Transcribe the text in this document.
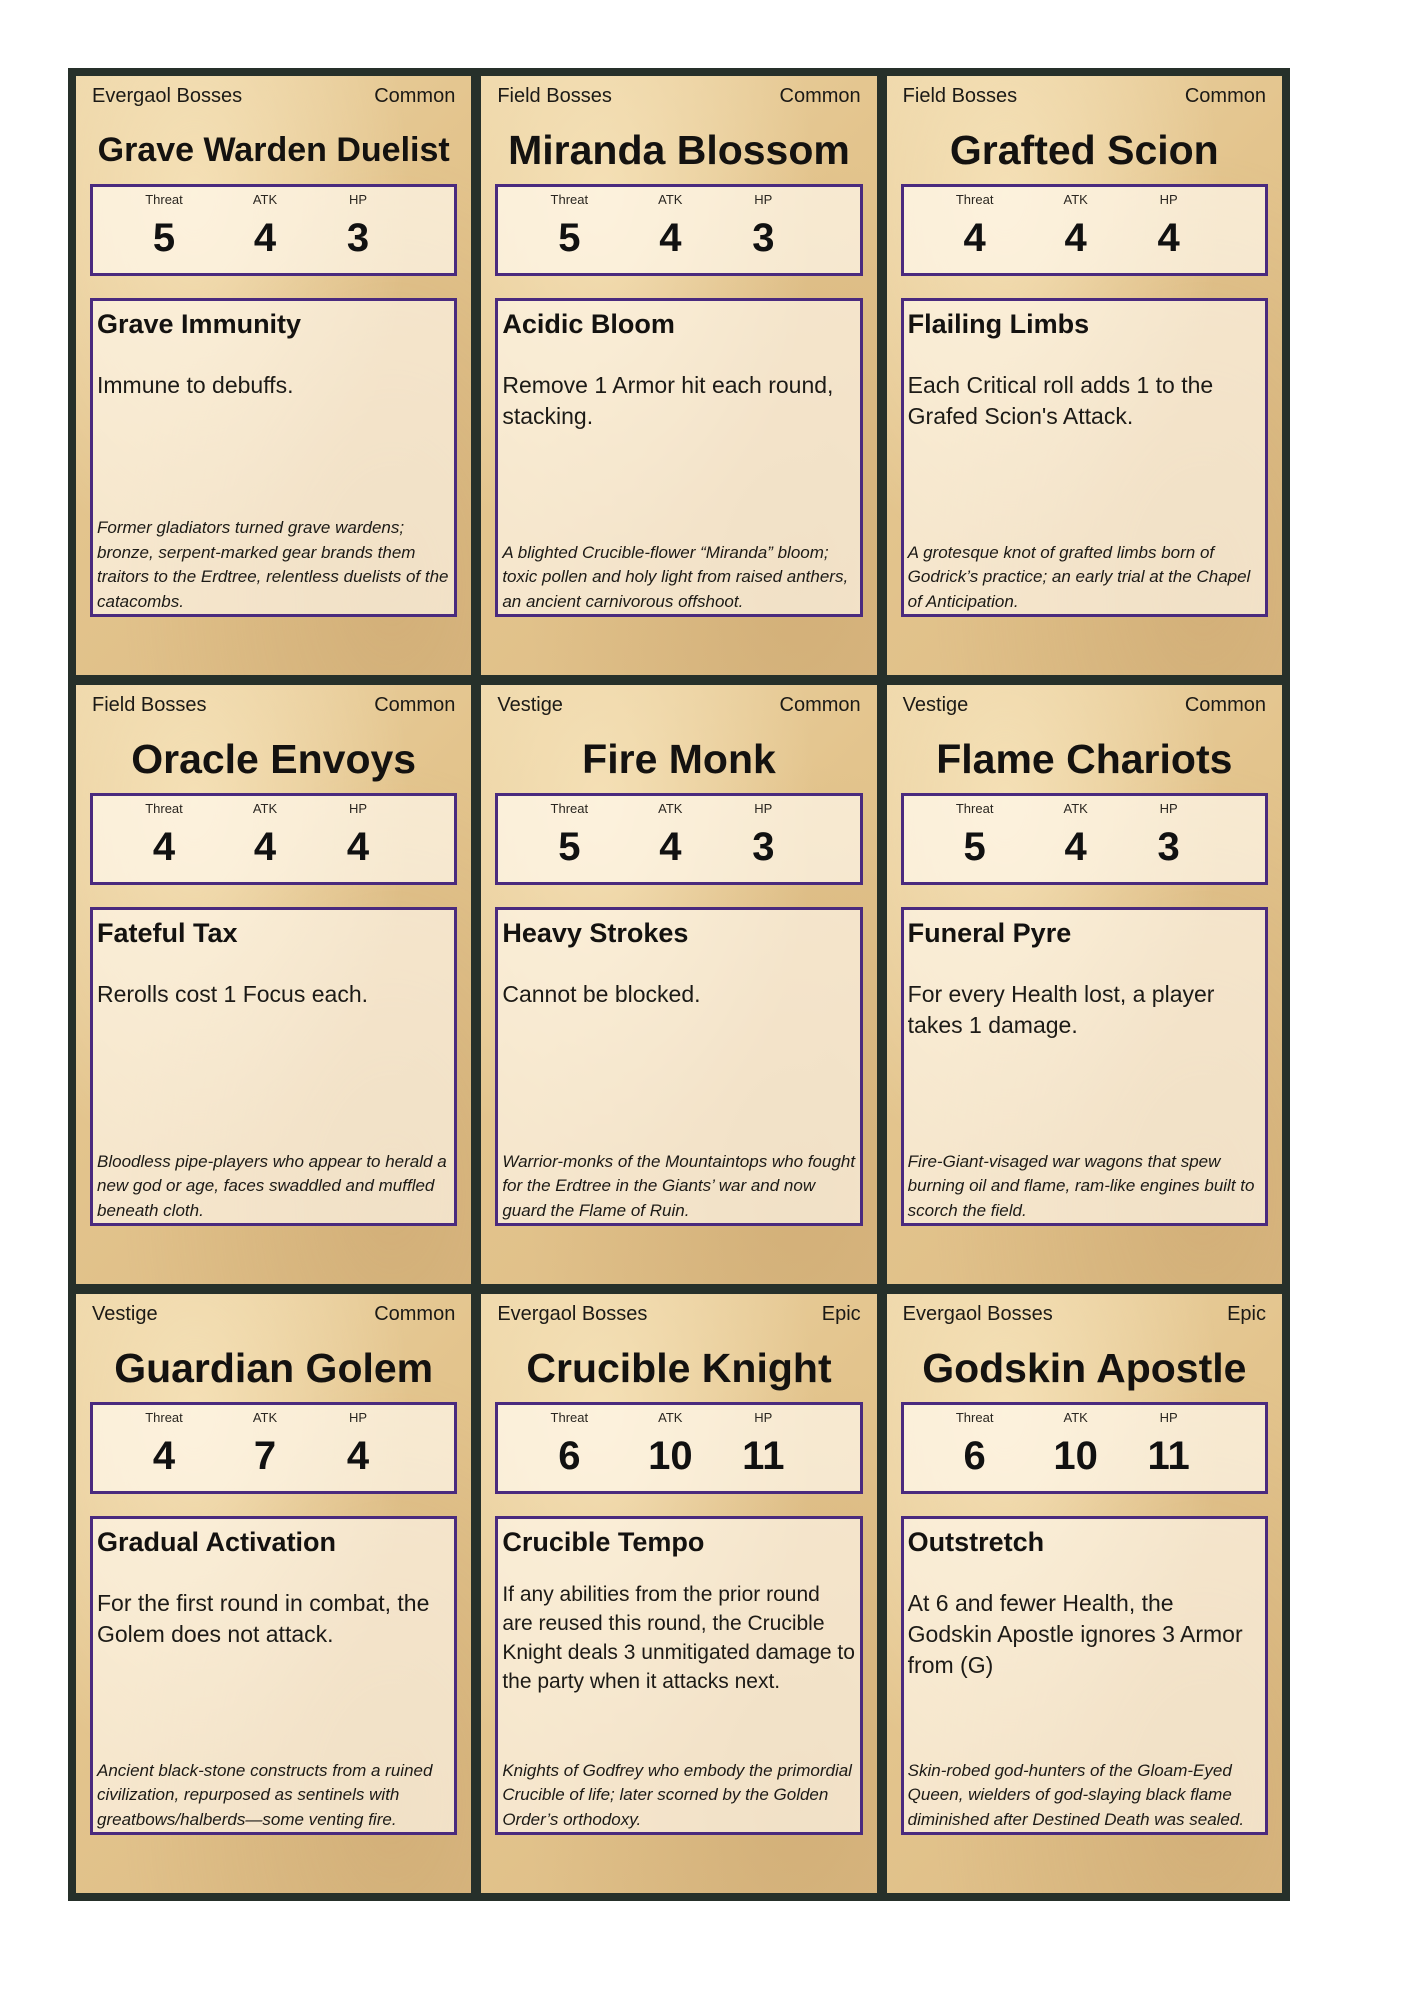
Evergaol Bosses	Common
Grave Warden Duelist
Threat
5
ATK
4
HP
3
Grave Immunity
Immune to debuffs.
Former gladiators turned grave wardens; bronze, serpent-marked gear brands them traitors to the Erdtree, relentless duelists of the catacombs.
Field Bosses	Common
Miranda Blossom
Threat
5
ATK
4
HP
3
Acidic Bloom
Remove 1 Armor hit each round, stacking.
A blighted Crucible-flower “Miranda” bloom; toxic pollen and holy light from raised anthers, an ancient carnivorous offshoot.
Field Bosses	Common
Grafted Scion
Threat
4
ATK
4
HP
4
Flailing Limbs
Each Critical roll adds 1 to the Grafed Scion's Attack.
A grotesque knot of grafted limbs born of Godrick’s practice; an early trial at the Chapel of Anticipation.
Field Bosses	Common
Oracle Envoys
Threat
4
ATK
4
HP
4
Fateful Tax
Rerolls cost 1 Focus each.
Bloodless pipe-players who appear to herald a new god or age, faces swaddled and muffled beneath cloth.
Vestige	Common
Fire Monk
Threat
5
ATK
4
HP
3
Heavy Strokes
Cannot be blocked.
Warrior-monks of the Mountaintops who fought for the Erdtree in the Giants’ war and now guard the Flame of Ruin.
Vestige	Common
Flame Chariots
Threat
5
ATK
4
HP
3
Funeral Pyre
For every Health lost, a player takes 1 damage.
Fire-Giant-visaged war wagons that spew burning oil and flame, ram-like engines built to scorch the field.
Vestige	Common
Guardian Golem
Threat
4
ATK
7
HP
4
Gradual Activation
For the first round in combat, the Golem does not attack.
Ancient black-stone constructs from a ruined civilization, repurposed as sentinels with greatbows/halberds—some venting fire.
Evergaol Bosses	Epic
Crucible Knight
Threat
6
ATK
10
HP
11
Crucible Tempo
If any abilities from the prior round are reused this round, the Crucible Knight deals 3 unmitigated damage to the party when it attacks next.
Knights of Godfrey who embody the primordial Crucible of life; later scorned by the Golden Order’s orthodoxy.
Evergaol Bosses	Epic
Godskin Apostle
Threat
6
ATK
10
HP
11
Outstretch
At 6 and fewer Health, the Godskin Apostle ignores 3 Armor from (G)
Skin-robed god-hunters of the Gloam-Eyed Queen, wielders of god-slaying black flame diminished after Destined Death was sealed.
